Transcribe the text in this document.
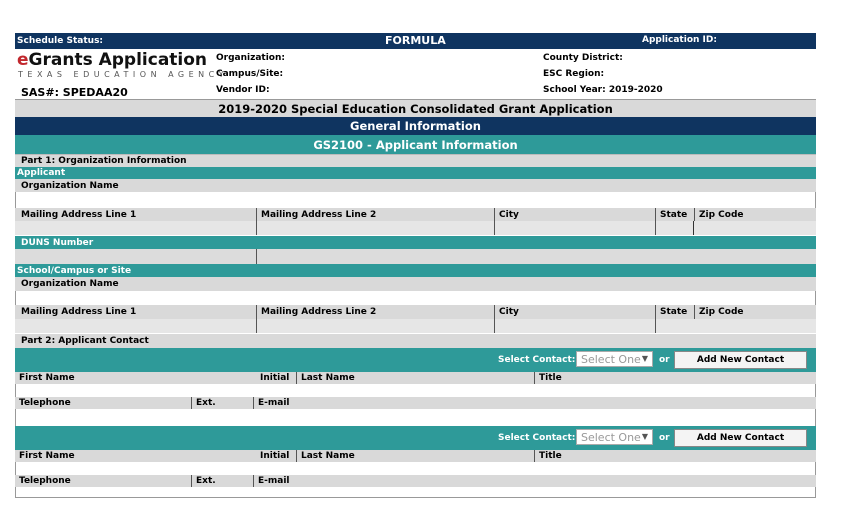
Schedule Status:	FORMULA	Application ID:
eGrants Application
TEXAS EDUCATION AGENCY
SAS#: SPEDAA20
Organization:
Campus/Site:
Vendor ID:
County District:
ESC Region:
School Year: 2019-2020
2019-2020 Special Education Consolidated Grant Application
General Information
GS2100 - Applicant Information
Part 1: Organization Information
Applicant
Organization Name
Mailing Address Line 1	Mailing Address Line 2	City	State	Zip Code
DUNS Number
School/Campus or Site
Organization Name
Mailing Address Line 1	Mailing Address Line 2	City	State	Zip Code
Part 2: Applicant Contact
Select Contact: Select One ▼ or	Add New Contact
First Name	Initial	Last Name	Title
Telephone	Ext.	E-mail
Select Contact: Select One ▼ or	Add New Contact
First Name	Initial	Last Name	Title
Telephone	Ext.	E-mail
